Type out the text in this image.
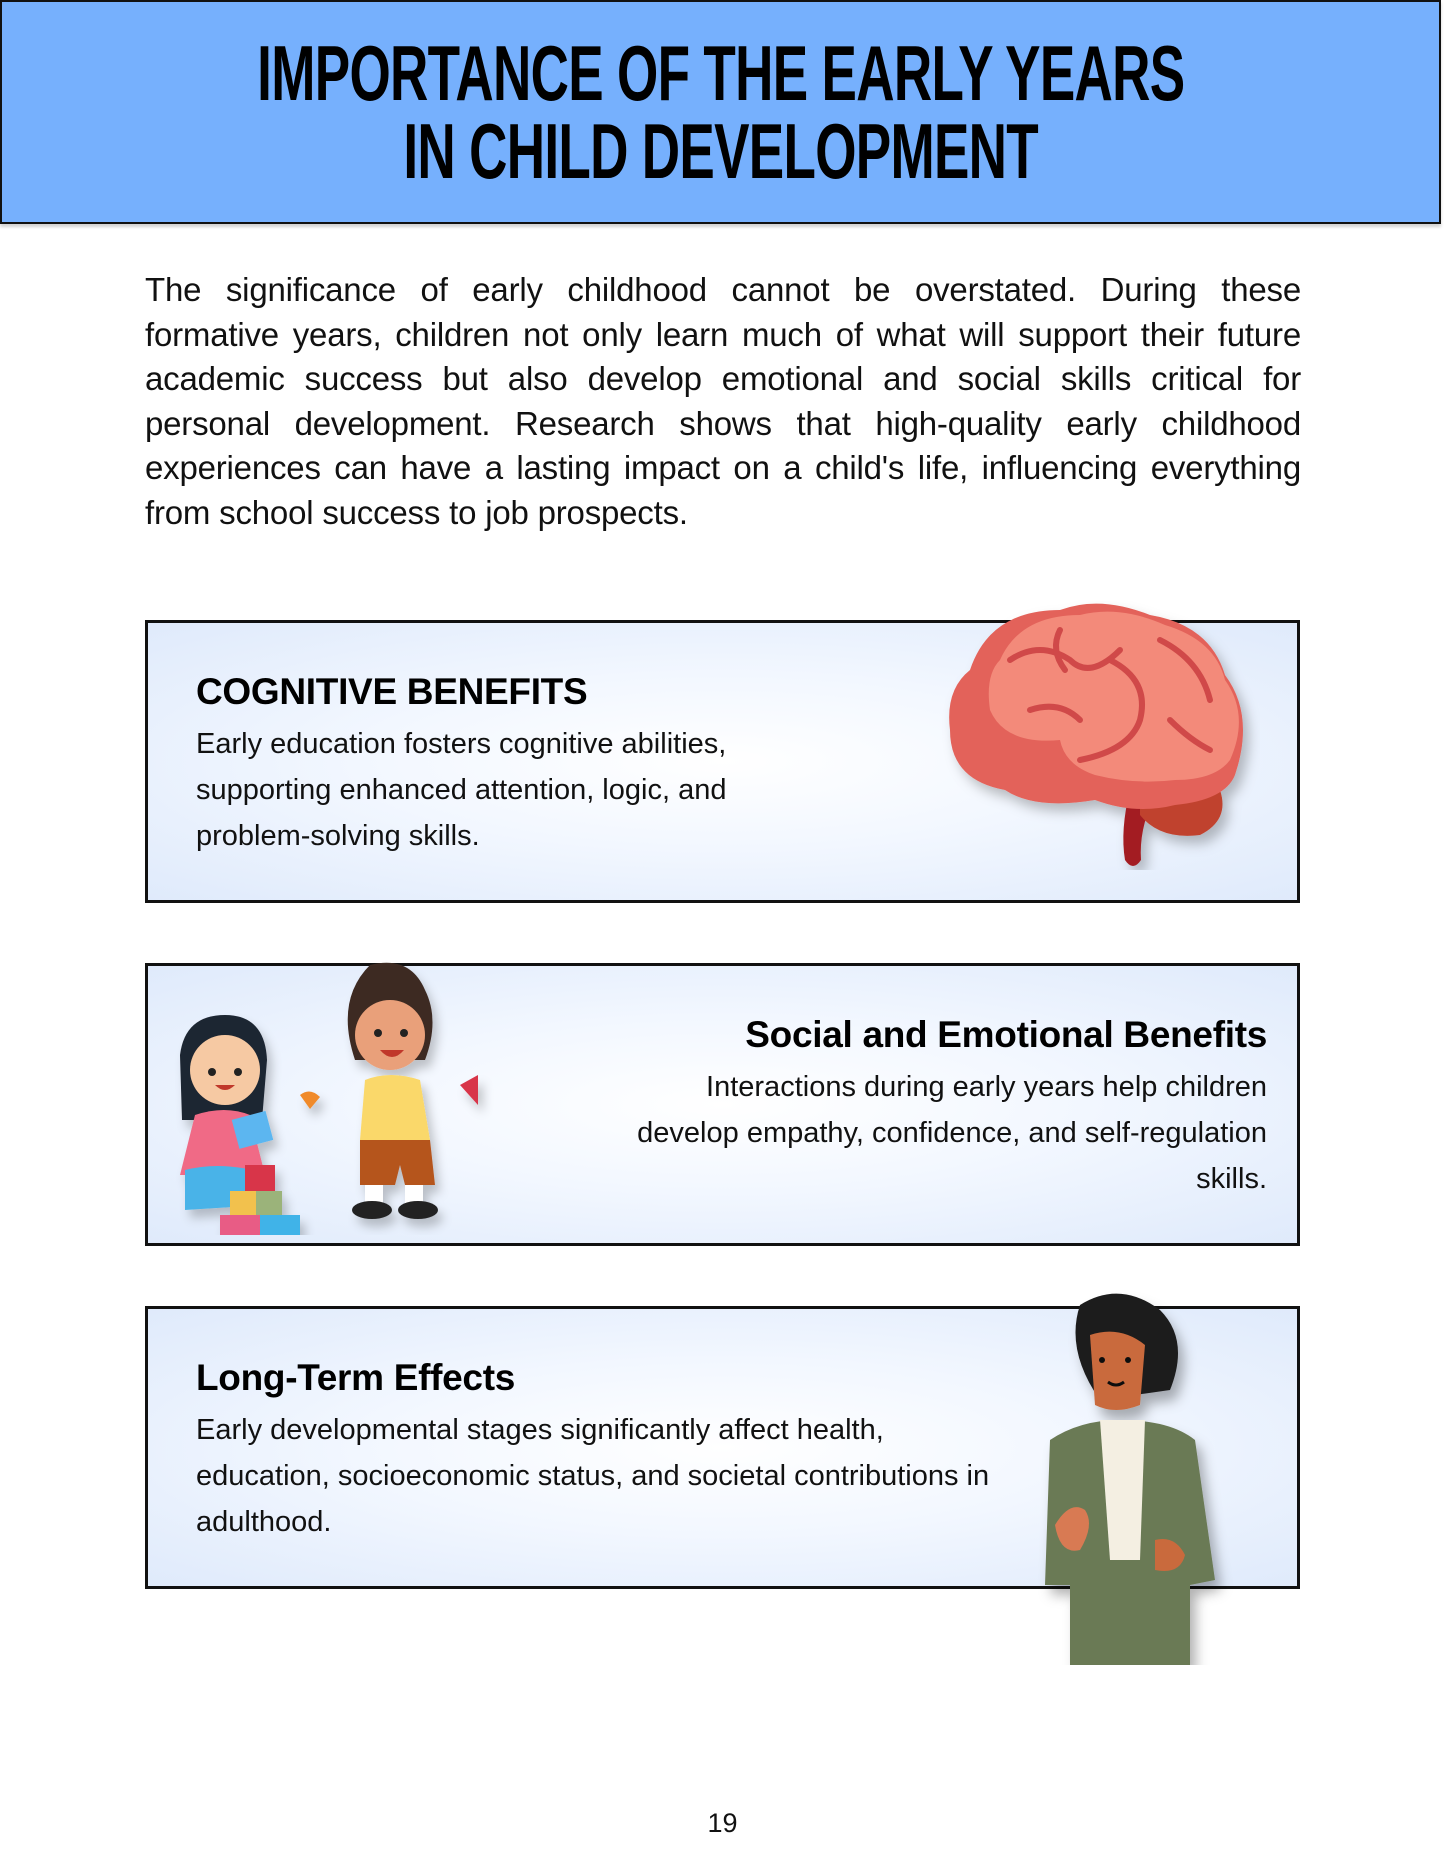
IMPORTANCE OF THE EARLY YEARS
IN CHILD DEVELOPMENT
The significance of early childhood cannot be overstated. During these formative years, children not only learn much of what will support their future academic success but also develop emotional and social skills critical for personal development. Research shows that high-quality early childhood experiences can have a lasting impact on a child's life, influencing everything from school success to job prospects.
COGNITIVE BENEFITS

Early education fosters cognitive abilities, supporting enhanced attention, logic, and problem-solving skills.

Social and Emotional Benefits

Interactions during early years help children develop empathy, confidence, and self-regulation skills.

Long-Term Effects

Early developmental stages significantly affect health, education, socioeconomic status, and societal contributions in adulthood.

19
